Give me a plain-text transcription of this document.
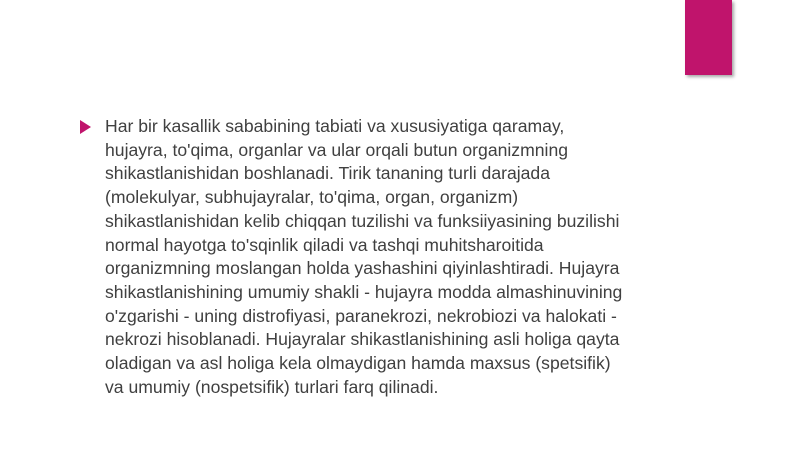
Har bir kasallik sababining tabiati va xususiyatiga qaramay,
hujayra, to'qima, organlar va ular orqali butun organizmning
shikastlanishidan boshlanadi. Tirik tananing turli darajada
(molekulyar, subhujayralar, to'qima, organ, organizm)
shikastlanishidan kelib chiqqan tuzilishi va funksiiyasining buzilishi
normal hayotga to'sqinlik qiladi va tashqi muhitsharoitida
organizmning moslangan holda yashashini qiyinlashtiradi. Hujayra
shikastlanishining umumiy shakli - hujayra modda almashinuvining
o'zgarishi - uning distrofiyasi, paranekrozi, nekrobiozi va halokati -
nekrozi hisoblanadi. Hujayralar shikastlanishining asli holiga qayta
oladigan va asl holiga kela olmaydigan hamda maxsus (spetsifik)
va umumiy (nospetsifik) turlari farq qilinadi.
